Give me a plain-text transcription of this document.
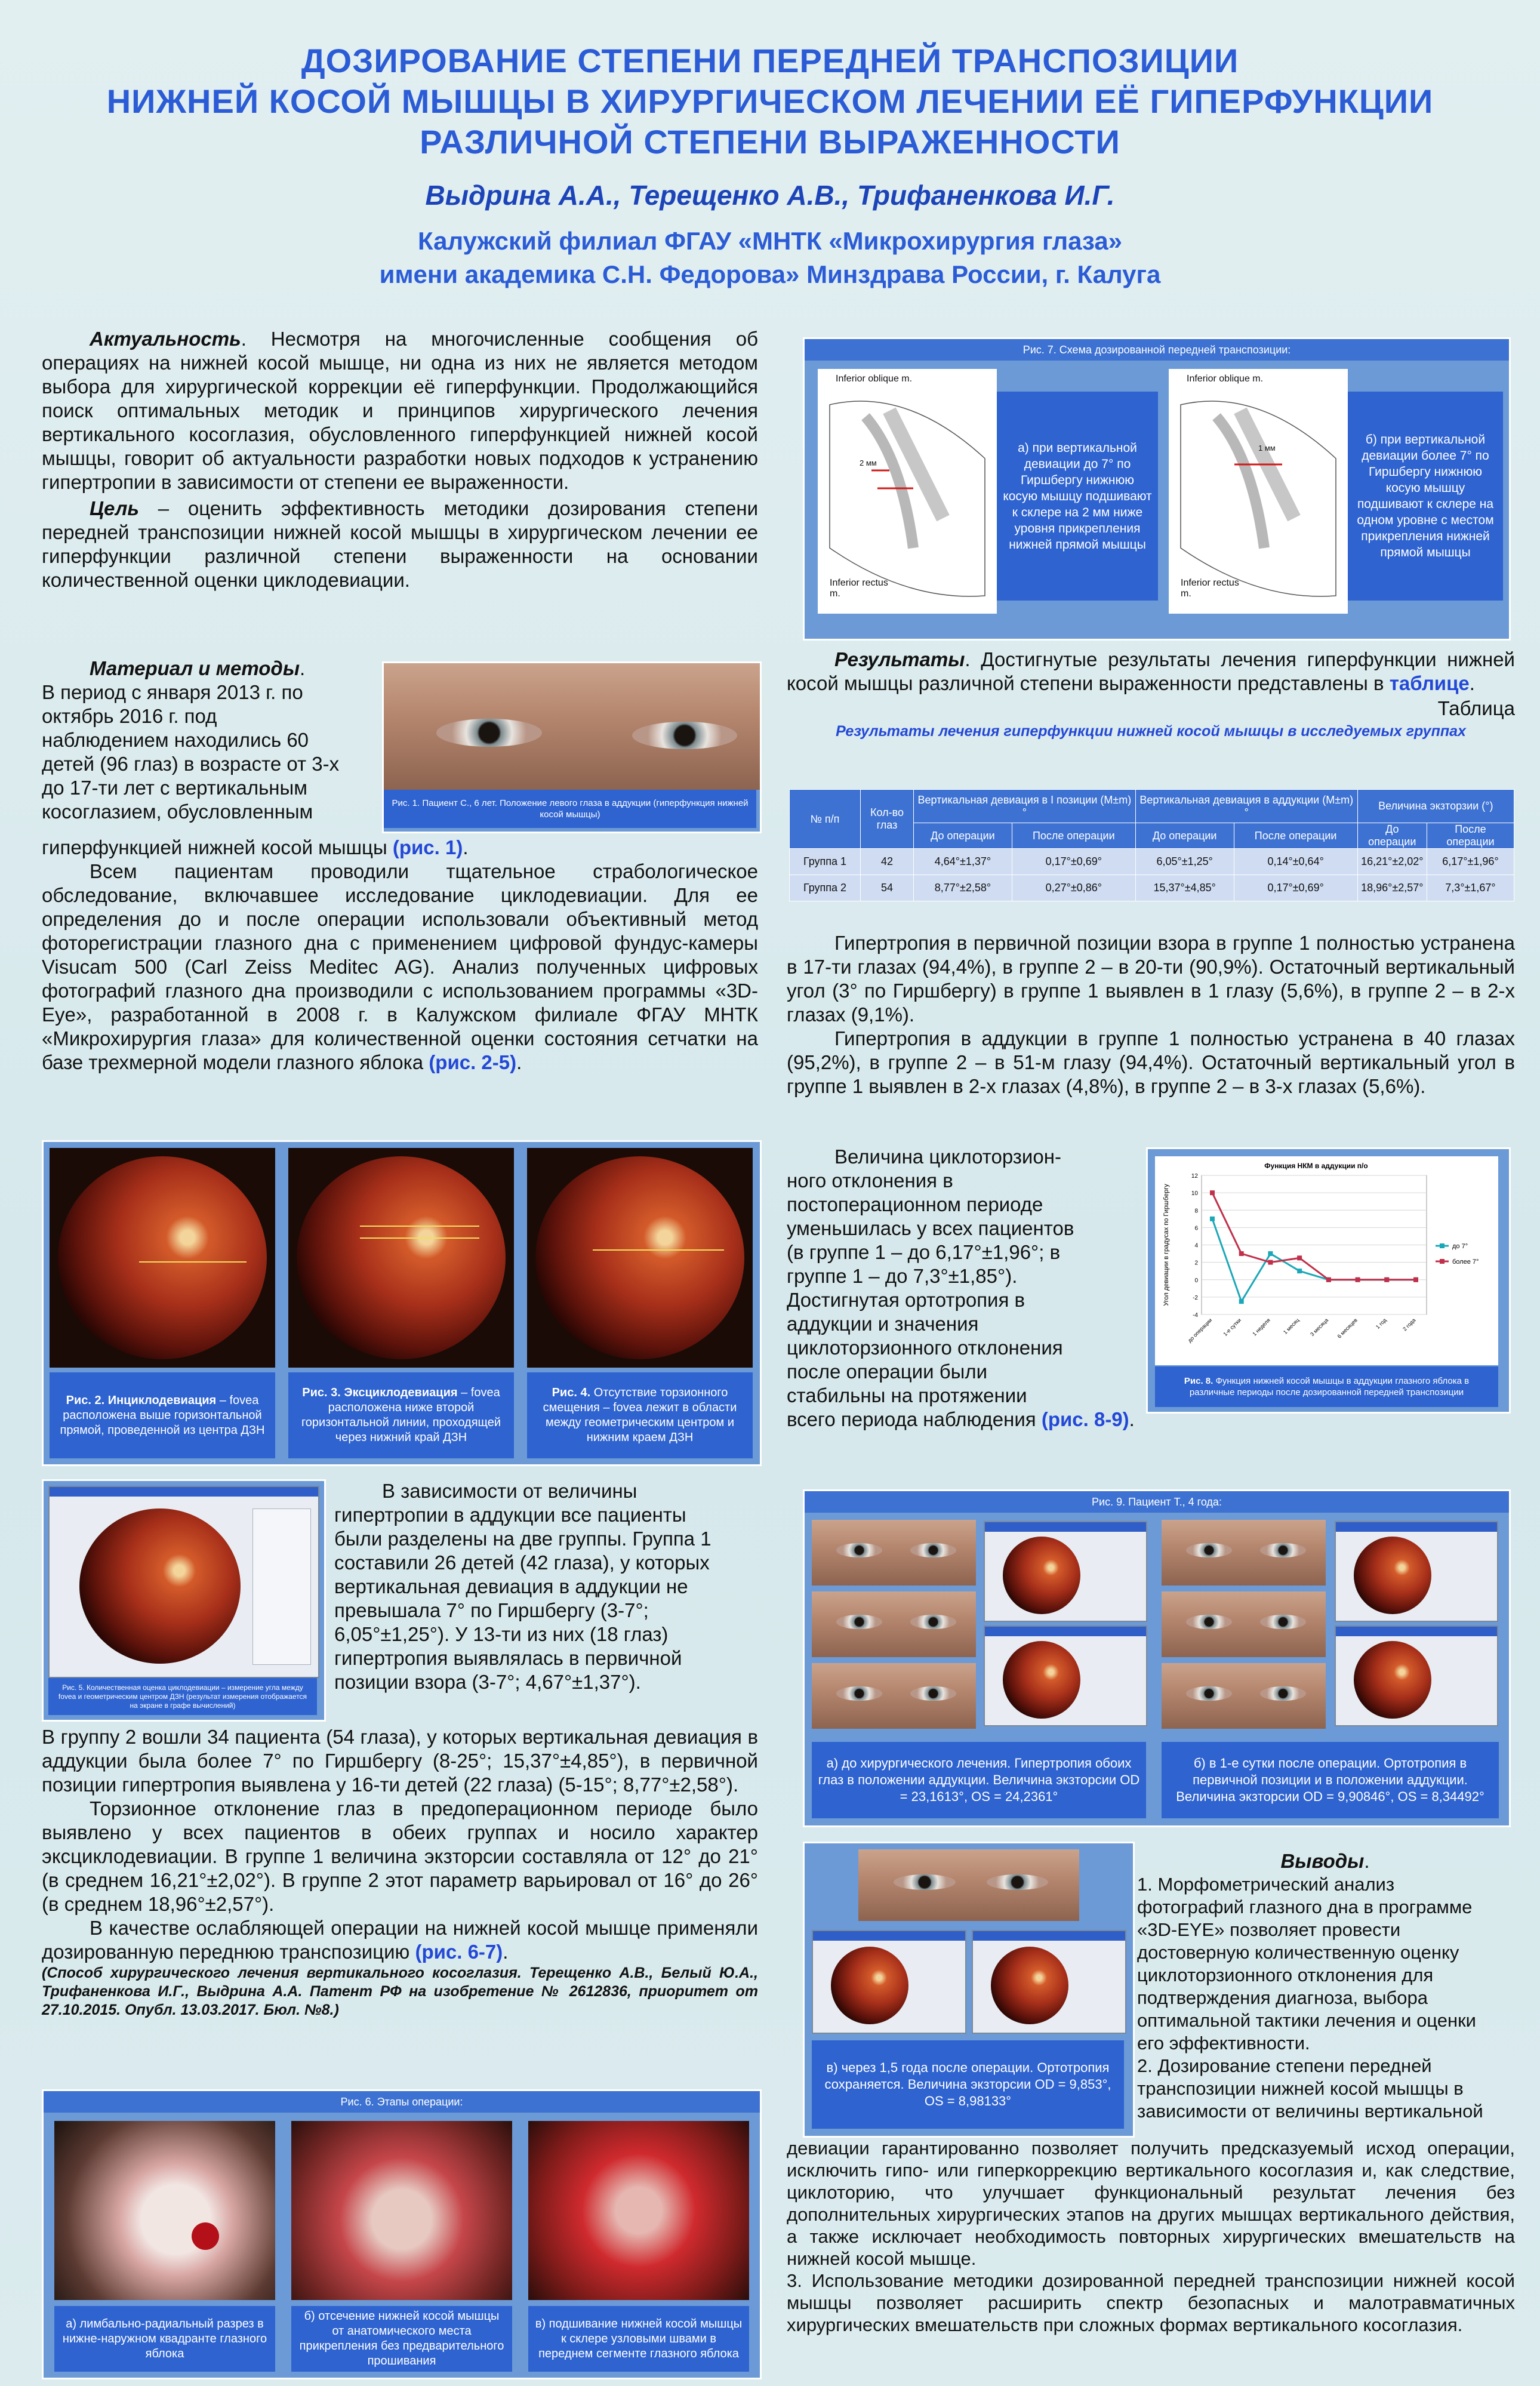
ДОЗИРОВАНИЕ СТЕПЕНИ ПЕРЕДНЕЙ ТРАНСПОЗИЦИИ
НИЖНЕЙ КОСОЙ МЫШЦЫ В ХИРУРГИЧЕСКОМ ЛЕЧЕНИИ ЕЁ ГИПЕРФУНКЦИИ
РАЗЛИЧНОЙ СТЕПЕНИ ВЫРАЖЕННОСТИ
Выдрина А.А., Терещенко А.В., Трифаненкова И.Г.
Калужский филиал ФГАУ «МНТК «Микрохирургия глаза»
имени академика С.Н. Федорова» Минздрава России, г. Калуга

Актуальность. Несмотря на многочисленные сообщения об операциях на нижней косой мышце, ни одна из них не является методом выбора для хирургической коррекции её гиперфункции. Продолжающийся поиск оптимальных методик и принципов хирургического лечения вертикального косоглазия, обусловленного гиперфункцией нижней косой мышцы, говорит об актуальности разработки новых подходов к устранению гипертропии в зависимости от степени ее выраженности.

Цель – оценить эффективность методики дозирования степени передней транспозиции нижней косой мышцы в хирургическом лечении ее гиперфункции различной степени выраженности на основании количественной оценки циклодевиации.

Материал и методы.

В период с января 2013 г. по
октябрь 2016 г. под
наблюдением находились 60
детей (96 глаз) в возрасте от 3-х
до 17-ти лет с вертикальным
косоглазием, обусловленным	Рис. 1. Пациент С., 6 лет. Положение левого глаза в аддукции (гиперфункция нижней косой мышцы)

гиперфункцией нижней косой мышцы (рис. 1).

Всем пациентам проводили тщательное страбологическое обследование, включавшее исследование циклодевиации. Для ее определения до и после операции использовали объективный метод фоторегистрации глазного дна с применением цифровой фундус-камеры Visucam 500 (Carl Zeiss Meditec AG). Анализ полученных цифровых фотографий глазного дна производили с использованием программы «3D-Eye», разработанной в 2008 г. в Калужском филиале ФГАУ МНТК «Микрохирургия глаза» для количественной оценки состояния сетчатки на базе трехмерной модели глазного яблока (рис. 2-5).

Рис. 2. Инциклодевиация – fovea расположена выше горизонтальной прямой, проведенной из центра ДЗН
Рис. 3. Эксциклодевиация – fovea расположена ниже второй горизонтальной линии, проходящей через нижний край ДЗН
Рис. 4. Отсутствие торзионного смещения – fovea лежит в области между геометрическим центром и нижним краем ДЗН
Рис. 5. Количественная оценка циклодевиации – измерение угла между fovea и геометрическим центром ДЗН (результат измерения отображается на экране в графе вычислений)
В зависимости от величины
гипертропии в аддукции все пациенты
были разделены на две группы. Группа 1
составили 26 детей (42 глаза), у которых
вертикальная девиация в аддукции не
превышала 7° по Гиршбергу (3-7°;
6,05°±1,25°). У 13-ти из них (18 глаз)
гипертропия выявлялась в первичной
позиции взора (3-7°; 4,67°±1,37°).

В группу 2 вошли 34 пациента (54 глаза), у которых вертикальная девиация в аддукции была более 7° по Гиршбергу (8-25°; 15,37°±4,85°), в первичной позиции гипертропия выявлена у 16-ти детей (22 глаза) (5-15°; 8,77°±2,58°).

Торзионное отклонение глаз в предоперационном периоде было выявлено у всех пациентов в обеих группах и носило характер эксциклодевиации. В группе 1 величина экзторсии составляла от 12° до 21° (в среднем 16,21°±2,02°). В группе 2 этот параметр варьировал от 16° до 26° (в среднем 18,96°±2,57°).

В качестве ослабляющей операции на нижней косой мышце применяли дозированную переднюю транспозицию (рис. 6-7).

(Способ хирургического лечения вертикального косоглазия. Терещенко А.В., Белый Ю.А., Трифаненкова И.Г., Выдрина А.А. Патент РФ на изобретение № 2612836, приоритет от 27.10.2015. Опубл. 13.03.2017. Бюл. №8.)

Рис. 6. Этапы операции:
а) лимбально-радиальный разрез в нижне-наружном квадранте глазного яблока
б) отсечение нижней косой мышцы от анатомического места прикрепления без предварительного прошивания
в) подшивание нижней косой мышцы к склере узловыми швами в переднем сегменте глазного яблока
Рис. 7. Схема дозированной передней транспозиции:
Inferior oblique m.
Inferior rectus m.
2 мм
а) при вертикальной девиации до 7° по Гиршбергу нижнюю косую мышцу подшивают к склере на 2 мм ниже уровня прикрепления нижней прямой мышцы
Inferior oblique m.
Inferior rectus m.
1 мм
б) при вертикальной девиации более 7° по Гиршбергу нижнюю косую мышцу подшивают к склере на одном уровне с местом прикрепления нижней прямой мышцы

Результаты. Достигнутые результаты лечения гиперфункции нижней косой мышцы различной степени выраженности представлены в таблице.

Таблица
Результаты лечения гиперфункции нижней косой мышцы в исследуемых группах
№ п/п	Кол-во глаз	Вертикальная девиация в I позиции (M±m)°		Вертикальная девиация в аддукции (M±m)°		Величина экзторзии (°)	
		До операции	После операции	До операции	После операции	До операции	После операции
Группа 1	42	4,64°±1,37°	0,17°±0,69°	6,05°±1,25°	0,14°±0,64°	16,21°±2,02°	6,17°±1,96°
Группа 2	54	8,77°±2,58°	0,27°±0,86°	15,37°±4,85°	0,17°±0,69°	18,96°±2,57°	7,3°±1,67°

Гипертропия в первичной позиции взора в группе 1 полностью устранена в 17-ти глазах (94,4%), в группе 2 – в 20-ти (90,9%). Остаточный вертикальный угол (3° по Гиршбергу) в группе 1 выявлен в 1 глазу (5,6%), в группе 2 – в 2-х глазах (9,1%).

Гипертропия в аддукции в группе 1 полностью устранена в 40 глазах (95,2%), в группе 2 – в 51-м глазу (94,4%). Остаточный вертикальный угол в группе 1 выявлен в 2-х глазах (4,8%), в группе 2 – в 3-х глазах (5,6%).

Величина циклоторзион-
ного отклонения в
постоперационном периоде
уменьшилась у всех пациентов
(в группе 1 – до 6,17°±1,96°; в
группе 1 – до 7,3°±1,85°).
Достигнутая ортотропия в
аддукции и значения
циклоторзионного отклонения
после операции были
стабильны на протяжении
всего периода наблюдения (рис. 8-9).
Функция НКМ в аддукции п/о
-4
-2
0
2
4
6
8
10
12
Угол девиации в градусах по Гиршбергу
до операции 1-е сутки 1 неделя 1 месяц 3 месяца 6 месяцев	1 год	2 года
до 7°
более 7°
Рис. 8. Функция нижней косой мышцы в аддукции глазного яблока в различные периоды после дозированной передней транспозиции
Рис. 9. Пациент Т., 4 года:
а) до хирургического лечения. Гипертропия обоих глаз в положении аддукции. Величина экзторсии OD = 23,1613°, OS = 24,2361°
б) в 1-е сутки после операции. Ортотропия в первичной позиции и в положении аддукции. Величина экзторсии OD = 9,90846°, OS = 8,34492°
в) через 1,5 года после операции. Ортотропия сохраняется. Величина экзторсии OD = 9,853°, OS = 8,98133°
Выводы.
1. Морфометрический анализ
фотографий глазного дна в программе
«3D-EYE» позволяет провести
достоверную количественную оценку
циклоторзионного отклонения для
подтверждения диагноза, выбора
оптимальной тактики лечения и оценки
его эффективности.
2. Дозирование степени передней
транспозиции нижней косой мышцы в
зависимости от величины вертикальной

девиации гарантированно позволяет получить предсказуемый исход операции, исключить гипо- или гиперкоррекцию вертикального косоглазия и, как следствие, циклоторию, что улучшает функциональный результат лечения без дополнительных хирургических этапов на других мышцах вертикального действия, а также исключает необходимость повторных хирургических вмешательств на нижней косой мышце.

3. Использование методики дозированной передней транспозиции нижней косой мышцы позволяет расширить спектр безопасных и малотравматичных хирургических вмешательств при сложных формах вертикального косоглазия.
